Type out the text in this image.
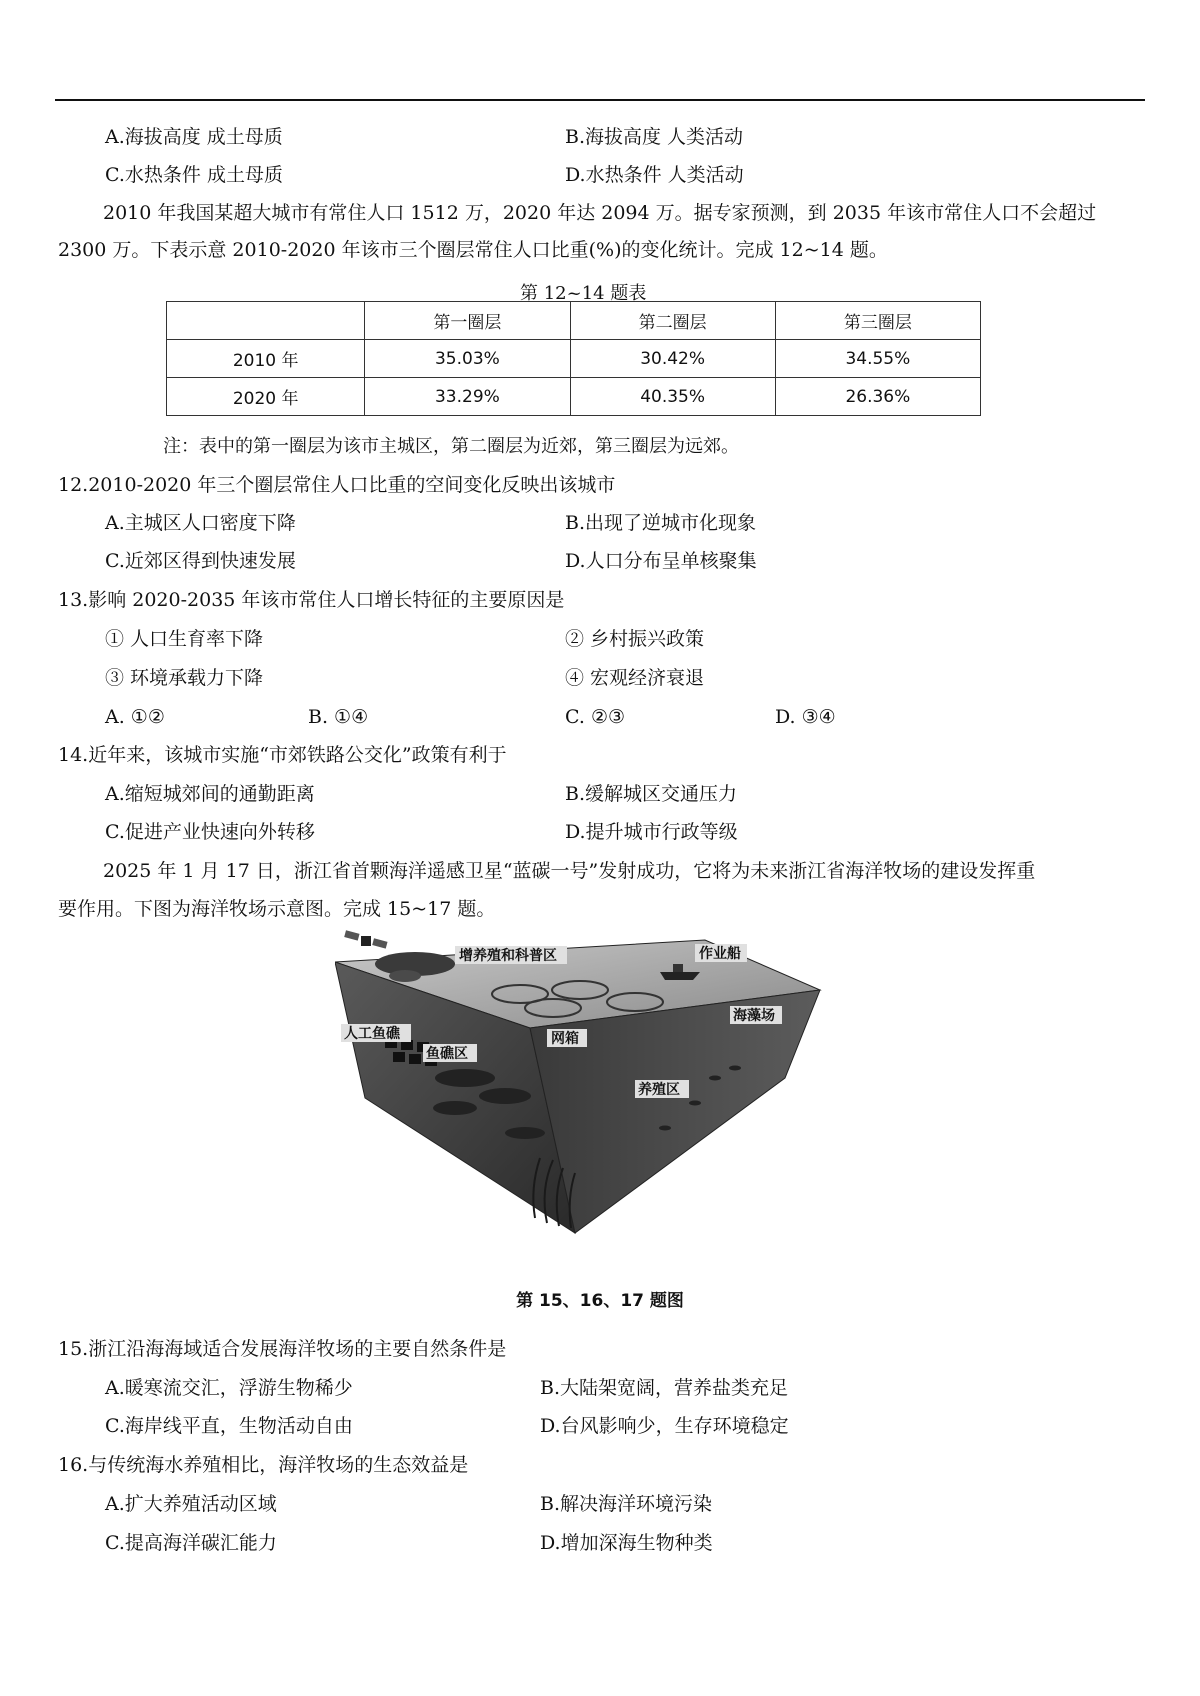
A.海拔高度 成土母质	B.海拔高度 人类活动
C.水热条件 成土母质	D.水热条件 人类活动
2010 年我国某超大城市有常住人口 1512 万，2020 年达 2094 万。据专家预测，到 2035 年该市常住人口不会超过
2300 万。下表示意 2010-2020 年该市三个圈层常住人口比重(%)的变化统计。完成 12~14 题。
第 12~14 题表
	第一圈层	第二圈层	第三圈层
2010 年	35.03%	30.42%	34.55%
2020 年	33.29%	40.35%	26.36%
注：表中的第一圈层为该市主城区，第二圈层为近郊，第三圈层为远郊。
12.2010-2020 年三个圈层常住人口比重的空间变化反映出该城市
A.主城区人口密度下降	B.出现了逆城市化现象
C.近郊区得到快速发展	D.人口分布呈单核聚集
13.影响 2020-2035 年该市常住人口增长特征的主要原因是
① 人口生育率下降	② 乡村振兴政策
③ 环境承载力下降	④ 宏观经济衰退
A. ①②	B. ①④	C. ②③	D. ③④
14.近年来，该城市实施“市郊铁路公交化”政策有利于
A.缩短城郊间的通勤距离	B.缓解城区交通压力
C.促进产业快速向外转移	D.提升城市行政等级
2025 年 1 月 17 日，浙江省首颗海洋遥感卫星“蓝碳一号”发射成功，它将为未来浙江省海洋牧场的建设发挥重
要作用。下图为海洋牧场示意图。完成 15~17 题。
增养殖和科普区	作业船
海藻场
人工鱼礁
鱼礁区
网箱
养殖区
第 15、16、17 题图
15.浙江沿海海域适合发展海洋牧场的主要自然条件是
A.暖寒流交汇，浮游生物稀少	B.大陆架宽阔，营养盐类充足
C.海岸线平直，生物活动自由	D.台风影响少，生存环境稳定
16.与传统海水养殖相比，海洋牧场的生态效益是
A.扩大养殖活动区域	B.解决海洋环境污染
C.提高海洋碳汇能力	D.增加深海生物种类
